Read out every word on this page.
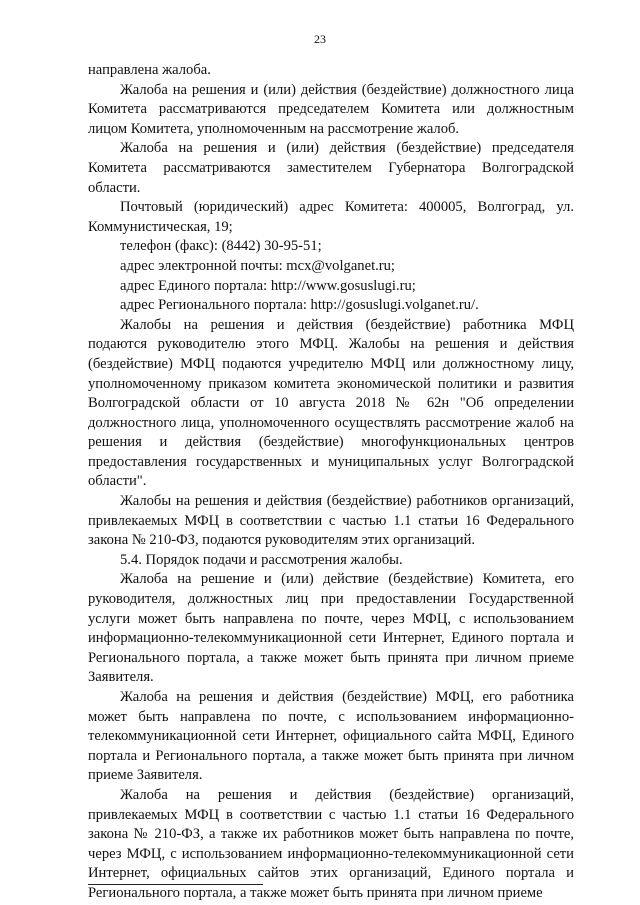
23

направлена жалоба.

Жалоба на решения и (или) действия (бездействие) должностного лица Комитета рассматриваются председателем Комитета или должностным лицом Комитета, уполномоченным на рассмотрение жалоб.

Жалоба на решения и (или) действия (бездействие) председателя Комитета рассматриваются заместителем Губернатора Волгоградской области.

Почтовый (юридический) адрес Комитета: 400005, Волгоград, ул. Коммунистическая, 19;

телефон (факс): (8442) 30-95-51;

адрес электронной почты: mcx@volganet.ru;

адрес Единого портала: http://www.gosuslugi.ru;

адрес Регионального портала: http://gosuslugi.volganet.ru/.

Жалобы на решения и действия (бездействие) работника МФЦ подаются руководителю этого МФЦ. Жалобы на решения и действия (бездействие) МФЦ подаются учредителю МФЦ или должностному лицу, уполномоченному приказом комитета экономической политики и развития Волгоградской области от 10 августа 2018 № 62н "Об определении должностного лица, уполномоченного осуществлять рассмотрение жалоб на решения и действия (бездействие) многофункциональных центров предоставления государственных и муниципальных услуг Волгоградской области".

Жалобы на решения и действия (бездействие) работников организаций, привлекаемых МФЦ в соответствии с частью 1.1 статьи 16 Федерального закона № 210-ФЗ, подаются руководителям этих организаций.

5.4. Порядок подачи и рассмотрения жалобы.

Жалоба на решение и (или) действие (бездействие) Комитета, его руководителя, должностных лиц при предоставлении Государственной услуги может быть направлена по почте, через МФЦ, с использованием информационно-телекоммуникационной сети Интернет, Единого портала и Регионального портала, а также может быть принята при личном приеме Заявителя.

Жалоба на решения и действия (бездействие) МФЦ, его работника может быть направлена по почте, с использованием информационно-телекоммуникационной сети Интернет, официального сайта МФЦ, Единого портала и Регионального портала, а также может быть принята при личном приеме Заявителя.

Жалоба на решения и действия (бездействие) организаций, привлекаемых МФЦ в соответствии с частью 1.1 статьи 16 Федерального закона № 210-ФЗ, а также их работников может быть направлена по почте, через МФЦ, с использованием информационно-телекоммуникационной сети Интернет, официальных сайтов этих организаций, Единого портала и Регионального портала, а также может быть принята при личном приеме
